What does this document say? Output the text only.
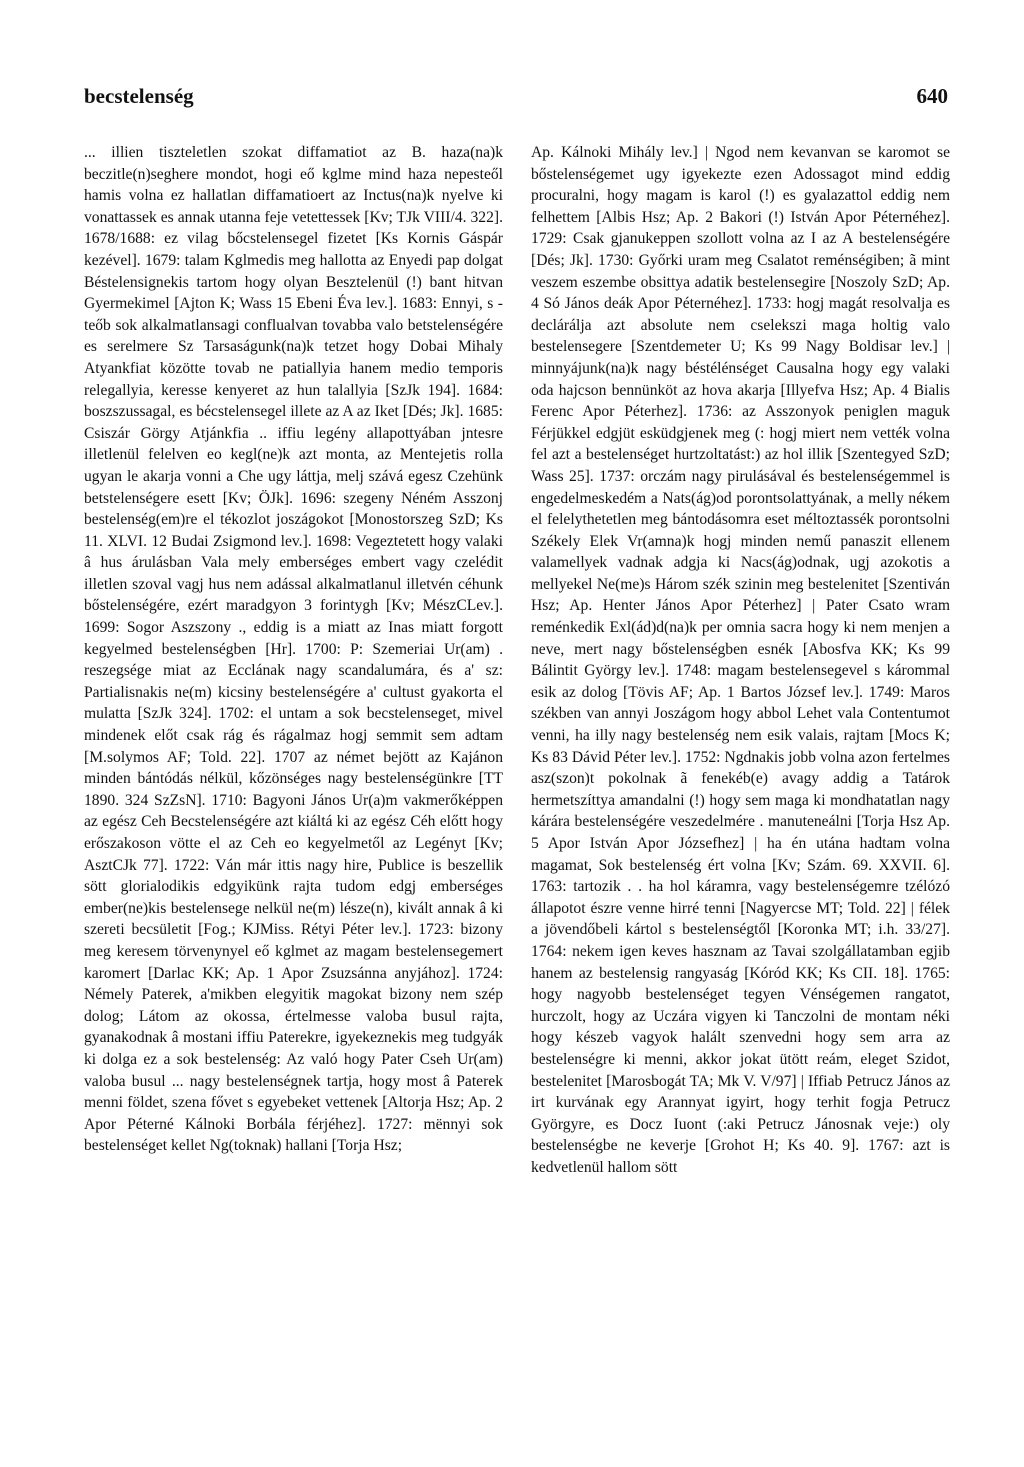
becstelenség	640

... illien tiszteletlen szokat diffamatiot az B. haza(na)k beczitle(n)seghere mondot, hogi eő kglme mind haza nepesteől hamis volna ez hallatlan diffamatioert az Inctus(na)k nyelve ki vonattassek es annak utanna feje vetettessek [Kv; TJk VIII/4. 322]. 1678/1688: ez vilag bőcstelensegel fizetet [Ks Kornis Gáspár kezével]. 1679: talam Kglmedis meg hallotta az Enyedi pap dolgat Béstelensignekis tartom hogy olyan Besztelenül (!) bant hitvan Gyermekimel [Ajton K; Wass 15 Ebeni Éva lev.]. 1683: Ennyi, s -teőb sok alkalmatlansagi conflualvan tovabba valo betstelenségére es serelmere Sz Tarsaságunk(na)k tetzet hogy Dobai Mihaly Atyankfiat közötte tovab ne patiallyia hanem medio temporis relegallyia, keresse kenyeret az hun talallyia [SzJk 194]. 1684: boszszussagal, es bécstelensegel illete az A az Iket [Dés; Jk]. 1685: Csiszár Görgy Atjánkfia .. iffiu legény allapottyában jntesre illetlenül felelven eo kegl(ne)k azt monta, az Mentejetis rolla ugyan le akarja vonni a Che ugy láttja, melj szává egesz Czehünk betstelenségere esett [Kv; ÖJk]. 1696: szegeny Néném Asszonj bestelenség(em)re el tékozlot joszágokot [Monostorszeg SzD; Ks 11. XLVI. 12 Budai Zsigmond lev.]. 1698: Vegeztetett hogy valaki â hus árulásban Vala mely emberséges embert vagy czelédit illetlen szoval vagj hus nem adással alkalmatlanul illetvén céhunk bőstelenségére, ezért maradgyon 3 forintygh [Kv; MészCLev.]. 1699: Sogor Aszszony ., eddig is a miatt az Inas miatt forgott kegyelmed bestelenségben [Hr]. 1700: P: Szemeriai Ur(am) . reszegsége miat az Ecclának nagy scandalumára, és a' sz: Partialisnakis ne(m) kicsiny bestelenségére a' cultust gyakorta el mulatta [SzJk 324]. 1702: el untam a sok becstelenseget, mivel mindenek előt csak rág és rágalmaz hogj semmit sem adtam [M.solymos AF; Told. 22]. 1707 az német bejött az Kajánon minden bántódás nélkül, kőzönséges nagy bestelenségünkre [TT 1890. 324 SzZsN]. 1710: Bagyoni János Ur(a)m vakmerőképpen az egész Ceh Becstelenségére azt kiáltá ki az egész Céh előtt hogy erőszakoson vötte el az Ceh eo kegyelmetől az Legényt [Kv; AsztCJk 77]. 1722: Ván már ittis nagy hire, Publice is beszellik sött glorialodikis edgyikünk rajta tudom edgj emberséges ember(ne)kis bestelensege nelkül ne(m) lésze(n), kivált annak â ki szereti becsületit [Fog.; KJMiss. Rétyi Péter lev.]. 1723: bizony meg keresem törvenynyel eő kglmet az magam bestelensegemert karomert [Darlac KK; Ap. 1 Apor Zsuzsánna anyjához]. 1724: Némely Paterek, a'mikben elegyitik magokat bizony nem szép dolog; Látom az okossa, értelmesse valoba busul rajta, gyanakodnak â mostani iffiu Paterekre, igyekeznekis meg tudgyák ki dolga ez a sok bestelenség: Az való hogy Pater Cseh Ur(am) valoba busul ... nagy bestelenségnek tartja, hogy most â Paterek menni földet, szena fővet s egyebeket vettenek [Altorja Hsz; Ap. 2 Apor Péterné Kálnoki Borbála férjéhez]. 1727: mënnyi sok bestelenséget kellet Ng(toknak) hallani [Torja Hsz;

Ap. Kálnoki Mihály lev.] | Ngod nem kevanvan se karomot se bőstelenségemet ugy igyekezte ezen Adossagot mind eddig procuralni, hogy magam is karol (!) es gyalazattol eddig nem felhettem [Albis Hsz; Ap. 2 Bakori (!) István Apor Péternéhez]. 1729: Csak gjanukeppen szollott volna az I az A bestelenségére [Dés; Jk]. 1730: Győrki uram meg Csalatot reménségiben; ã mint veszem eszembe obsittya adatik bestelensegire [Noszoly SzD; Ap. 4 Só János deák Apor Péternéhez]. 1733: hogj magát resolvalja es declárálja azt absolute nem cselekszi maga holtig valo bestelensegere [Szentdemeter U; Ks 99 Nagy Boldisar lev.] | minnyájunk(na)k nagy béstélénséget Causalna hogy egy valaki oda hajcson bennünköt az hova akarja [Illyefva Hsz; Ap. 4 Bialis Ferenc Apor Péterhez]. 1736: az Asszonyok peniglen maguk Férjükkel edgjüt esküdgjenek meg (: hogj miert nem vették volna fel azt a bestelenséget hurtzoltatást:) az hol illik [Szentegyed SzD; Wass 25]. 1737: orczám nagy pirulásával és bestelenségemmel is engedelmeskedém a Nats(ág)od porontsolattyának, a melly nékem el felelythetetlen meg bántodásomra eset méltoztassék porontsolni Székely Elek Vr(amna)k hogj minden nemű panaszit ellenem valamellyek vadnak adgja ki Nacs(ág)odnak, ugj azokotis a mellyekel Ne(me)s Három szék szinin meg bestelenitet [Szentiván Hsz; Ap. Henter János Apor Péterhez] | Pater Csato wram reménkedik Exl(ád)d(na)k per omnia sacra hogy ki nem menjen a neve, mert nagy bőstelenségben esnék [Abosfva KK; Ks 99 Bálintit György lev.]. 1748: magam bestelensegevel s kárommal esik az dolog [Tövis AF; Ap. 1 Bartos József lev.]. 1749: Maros székben van annyi Joszágom hogy abbol Lehet vala Contentumot venni, ha illy nagy bestelenség nem esik valais, rajtam [Mocs K; Ks 83 Dávid Péter lev.]. 1752: Ngdnakis jobb volna azon fertelmes asz(szon)t pokolnak ã fenekéb(e) avagy addig a Tatárok hermetszíttya amandalni (!) hogy sem maga ki mondhatatlan nagy kárára bestelenségére veszedelmére . manuteneálni [Torja Hsz Ap. 5 Apor István Apor Józsefhez] | ha én utána hadtam volna magamat, Sok bestelenség ért volna [Kv; Szám. 69. XXVII. 6]. 1763: tartozik . . ha hol káramra, vagy bestelenségemre tzélózó állapotot észre venne hirré tenni [Nagyercse MT; Told. 22] | félek a jövendőbeli kártol s bestelenségtől [Koronka MT; i.h. 33/27]. 1764: nekem igen keves hasznam az Tavai szolgállatamban egjib hanem az bestelensig rangyaság [Kóród KK; Ks CII. 18]. 1765: hogy nagyobb bestelenséget tegyen Vénségemen rangatot, hurczolt, hogy az Uczára vigyen ki Tanczolni de montam néki hogy készeb vagyok halált szenvedni hogy sem arra az bestelenségre ki menni, akkor jokat ütött reám, eleget Szidot, bestelenitet [Marosbogát TA; Mk V. V/97] | Iffiab Petrucz János az irt kurvának egy Arannyat igyirt, hogy terhit fogja Petrucz Györgyre, es Docz Iuont (:aki Petrucz Jánosnak veje:) oly bestelenségbe ne keverje [Grohot H; Ks 40. 9]. 1767: azt is kedvetlenül hallom sött
